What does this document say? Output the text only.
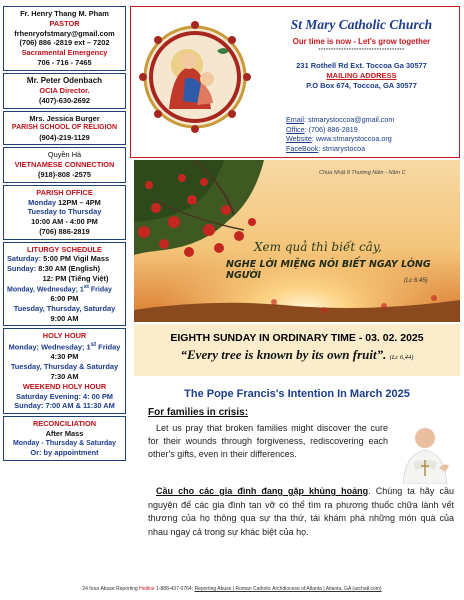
Fr. Henry Thang M. Pham
PASTOR
frhenryofstmary@gmail.com
(706) 886 -2819 ext – 7202
Sacramental Emergency
706 - 716 - 7465
Mr. Peter Odenbach
OCIA Director.
(407)-630-2692
Mrs. Jessica Burger
PARISH SCHOOL OF RELIGION
(904)-219-1129
Quyền Hà
VIETNAMESE CONNECTION
(918)-808 -2575
PARISH OFFICE
Monday 12PM – 4PM
Tuesday to Thursday
10:00 AM - 4:00 PM
(706) 886-2819
LITURGY SCHEDULE
Saturday: 5:00 PM Vigil Mass
Sunday: 8:30 AM (English)
12: PM (Tiếng Việt)
Monday, Wednesday; 1st Friday
6:00 PM
Tuesday, Thursday, Saturday
9:00 AM
HOLY HOUR
Monday; Wednesday; 1st Friday
4:30 PM
Tuesday, Thursday & Saturday
7:30 AM
WEEKEND HOLY HOUR
Saturday Evening: 4: 00 PM
Sunday: 7:00 AM & 11:30 AM
RECONCILIATION
After Mass
Monday - Thursday & Saturday
Or: by appointment
St Mary Catholic Church
Our time is now - Let's grow together
**********************************
231 Rothell Rd Ext. Toccoa Ga 30577
MAILING ADDRESS
P.O Box 674, Toccoa, GA 30577
Email: stmarystoccoa@gmail.com
Office: (706) 886-2819
Website: www.stmarystoccoa.org
FaceBook: stmarystocoa
Chúa Nhật 8 Thường Niên - Năm C
Xem quả thì biết cây,
NGHE LỜI MIỆNG NÓI BIẾT NGAY LÒNG NGƯỜI	(Lc 6:45)
EIGHTH SUNDAY IN ORDINARY TIME - 03. 02. 2025
“Every tree is known by its own fruit”. (Lc 6,44)
The Pope Francis's Intention In March 2025
For families in crisis:
Let us pray that broken families might discover the cure for their wounds through forgiveness, rediscovering each other's gifts, even in their differences.
Cầu cho các gia đình đang gặp khủng hoảng. Chúng ta hãy cầu nguyện để các gia đình tan vỡ có thể tìm ra phương thuốc chữa lành vết thương của họ thông qua sự tha thứ, tái khám phá những món quà của nhau ngay cả trong sự khác biệt của họ.
24 hour Abuse Reporting Hotline 1-888-437-0764; Reporting Abuse | Roman Catholic Archdiocese of Atlanta | Atlanta, GA (archatl.com)
